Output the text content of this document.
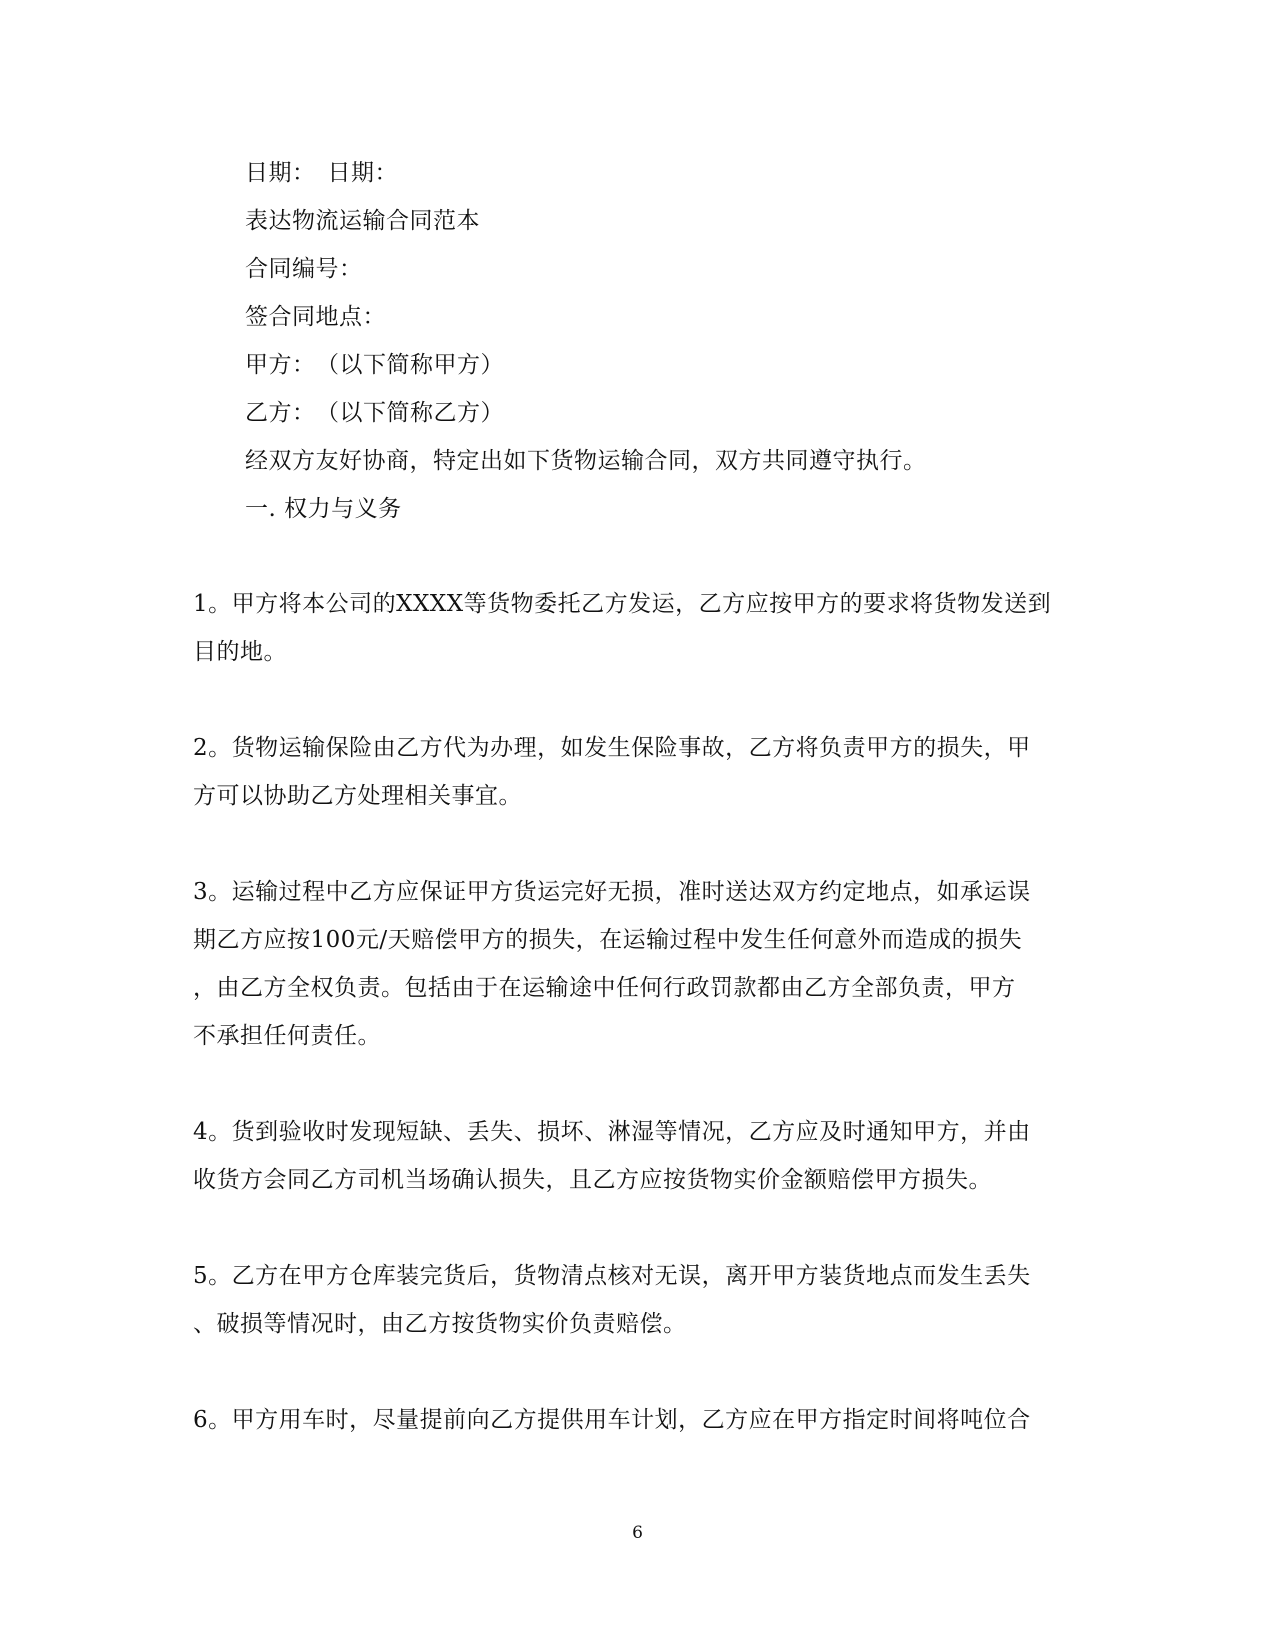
日期：　日期：
表达物流运输合同范本
合同编号：
签合同地点：
甲方：　（以下简称甲方）
乙方：　（以下简称乙方）
经双方友好协商，特定出如下货物运输合同，双方共同遵守执行。
一. 权力与义务
1。甲方将本公司的XXXX等货物委托乙方发运，乙方应按甲方的要求将货物发送到
目的地。
2。货物运输保险由乙方代为办理，如发生保险事故，乙方将负责甲方的损失，甲
方可以协助乙方处理相关事宜。
3。运输过程中乙方应保证甲方货运完好无损，准时送达双方约定地点，如承运误
期乙方应按100元/天赔偿甲方的损失，在运输过程中发生任何意外而造成的损失
，由乙方全权负责。包括由于在运输途中任何行政罚款都由乙方全部负责，甲方
不承担任何责任。
4。货到验收时发现短缺、丢失、损坏、淋湿等情况，乙方应及时通知甲方，并由
收货方会同乙方司机当场确认损失，且乙方应按货物实价金额赔偿甲方损失。
5。乙方在甲方仓库装完货后，货物清点核对无误，离开甲方装货地点而发生丢失
、破损等情况时，由乙方按货物实价负责赔偿。
6。甲方用车时，尽量提前向乙方提供用车计划，乙方应在甲方指定时间将吨位合
6
